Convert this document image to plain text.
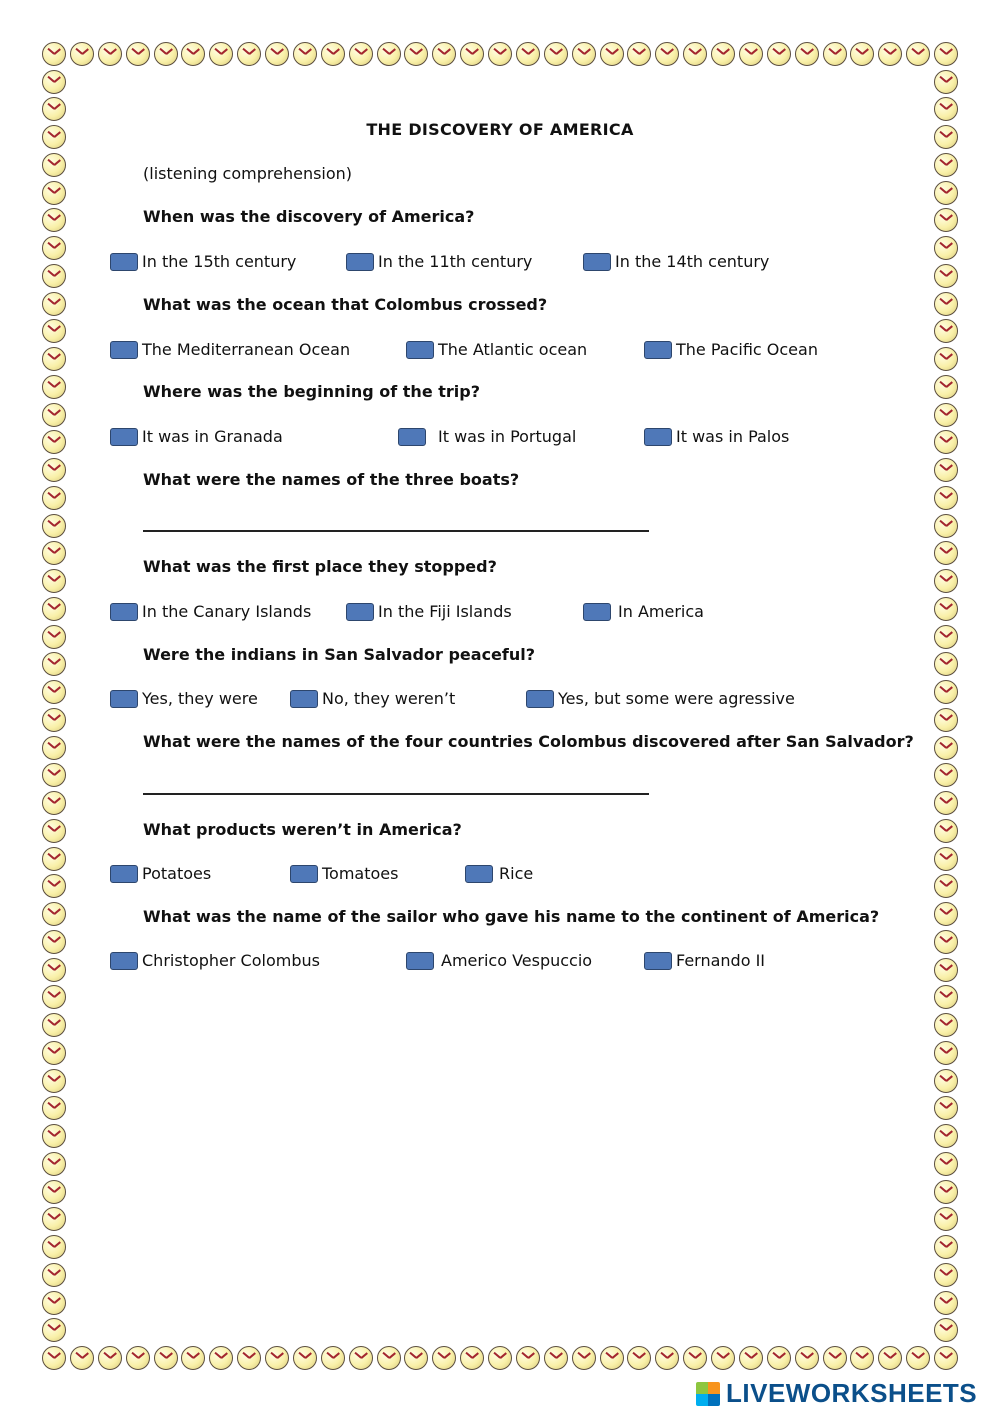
THE DISCOVERY OF AMERICA
(listening comprehension)
When was the discovery of America?
In the 15th century	In the 11th century	In the 14th century
What was the ocean that Colombus crossed?
The Mediterranean Ocean	The Atlantic ocean	The Pacific Ocean
Where was the beginning of the trip?
It was in Granada	It was in Portugal	It was in Palos
What were the names of the three boats?
What was the first place they stopped?
In the Canary Islands	In the Fiji Islands	In America
Were the indians in San Salvador peaceful?
Yes, they were	No, they weren’t	Yes, but some were agressive
What were the names of the four countries Colombus discovered after San Salvador?
What products weren’t in America?
Potatoes	Tomatoes	Rice
What was the name of the sailor who gave his name to the continent of America?
Christopher Colombus	Americo Vespuccio	Fernando II
LIVEWORKSHEETS
